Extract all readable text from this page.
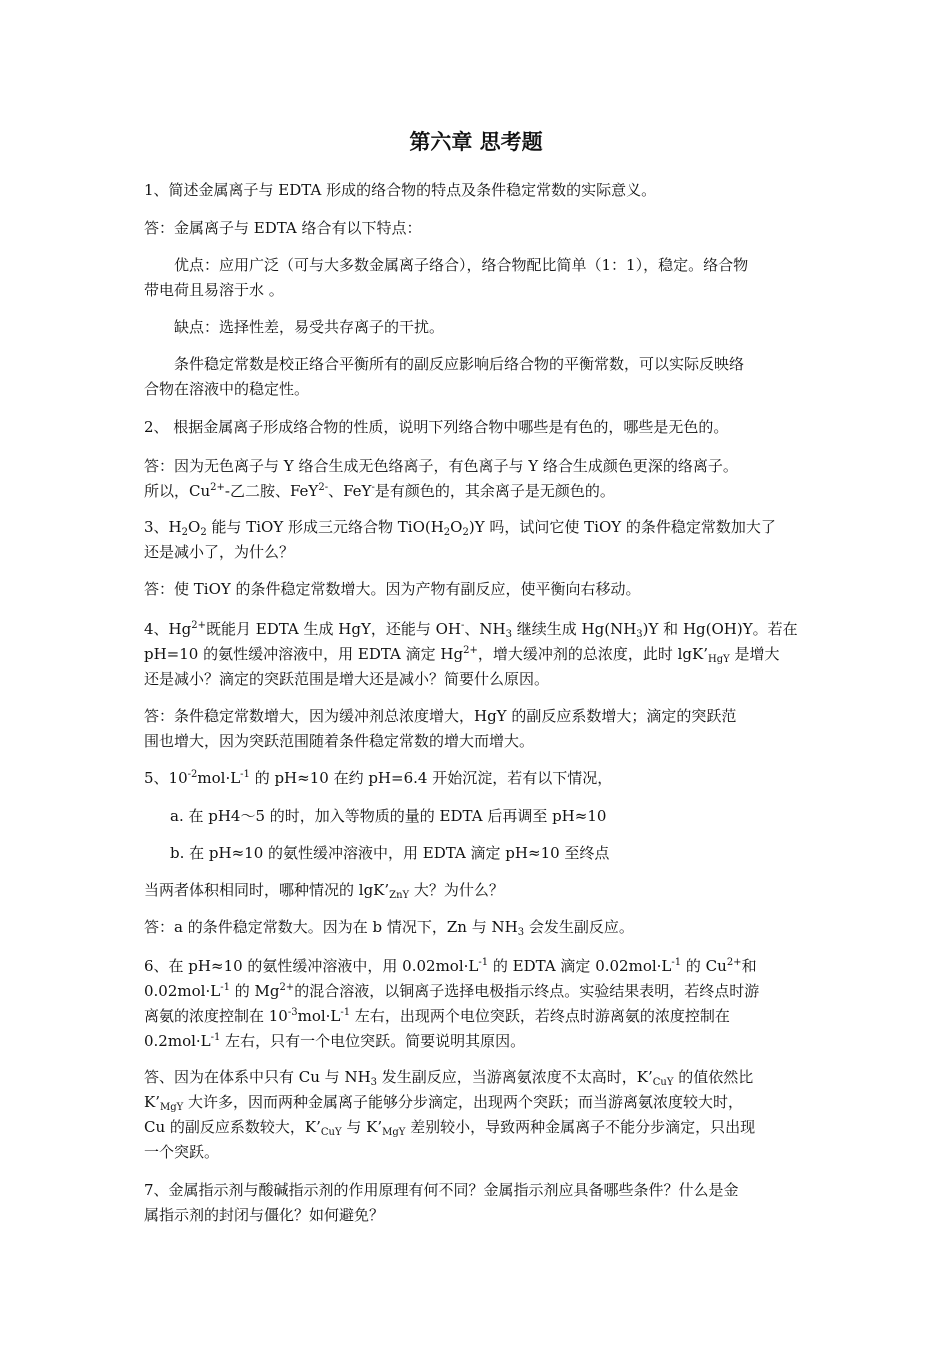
第六章 思考题
1、简述金属离子与 EDTA 形成的络合物的特点及条件稳定常数的实际意义。
答：金属离子与 EDTA 络合有以下特点：
优点：应用广泛（可与大多数金属离子络合），络合物配比简单（1：1），稳定。络合物
带电荷且易溶于水 。
缺点：选择性差，易受共存离子的干扰。
条件稳定常数是校正络合平衡所有的副反应影响后络合物的平衡常数，可以实际反映络
合物在溶液中的稳定性。
2、 根据金属离子形成络合物的性质，说明下列络合物中哪些是有色的，哪些是无色的。
答：因为无色离子与 Y 络合生成无色络离子，有色离子与 Y 络合生成颜色更深的络离子。
所以，$Cu^{2+}-$乙二胺、FeY$^{2-}$、FeY-是有颜色的，其余离子是无颜色的。
3、$H_2O_2$ 能与 TiOY 形成三元络合物 $TiO(H_2O_2)Y$ 吗，试问它使 TiOY 的条件稳定常数加大了
还是减小了，为什么？
答：使 TiOY 的条件稳定常数增大。因为产物有副反应，使平衡向右移动。
4、$Hg^{2+}$既能月 EDTA 生成 HgY，还能与 OH-、$NH_3$ 继续生成 $Hg(NH_3)Y$ 和 Hg(OH)Y。若在
pH=10 的氨性缓冲溶液中，用 EDTA 滴定 $Hg^{2+}$，增大缓冲剂的总浓度，此时 $\lg K’_{HgY}$ 是增大
还是减小？滴定的突跃范围是增大还是减小？简要什么原因。
答：条件稳定常数增大，因为缓冲剂总浓度增大，HgY 的副反应系数增大；滴定的突跃范
围也增大，因为突跃范围随着条件稳定常数的增大而增大。
5、$10^{-2}mol\cdot L^{-1}$ 的 pH≈10 在约 pH=6.4 开始沉淀，若有以下情况，
a. 在 pH4～5 的时，加入等物质的量的 EDTA 后再调至 pH≈10
b. 在 pH≈10 的氨性缓冲溶液中，用 EDTA 滴定 pH≈10 至终点
当两者体积相同时，哪种情况的 $\lg K’_{ZnY}$ 大？为什么？
答：a 的条件稳定常数大。因为在 b 情况下，Zn 与 $NH_3$ 会发生副反应。
6、在 pH≈10 的氨性缓冲溶液中，用 $0.02mol\cdot L^{-1}$ 的 EDTA 滴定 $0.02mol\cdot L^{-1}$ 的 $Cu^{2+}$和
$0.02mol\cdot L^{-1}$ 的 $Mg^{2+}$的混合溶液，以铜离子选择电极指示终点。实验结果表明，若终点时游
离氨的浓度控制在 $10^{-3}mol\cdot L^{-1}$ 左右，出现两个电位突跃，若终点时游离氨的浓度控制在
$0.2mol\cdot L^{-1}$ 左右，只有一个电位突跃。简要说明其原因。
答、因为在体系中只有 Cu 与 $NH_3$ 发生副反应，当游离氨浓度不太高时，$K’_{CuY}$ 的值依然比
$K’_{MgY}$ 大许多，因而两种金属离子能够分步滴定，出现两个突跃；而当游离氨浓度较大时，
Cu 的副反应系数较大，$K’_{CuY}$ 与 $K’_{MgY}$ 差别较小，导致两种金属离子不能分步滴定，只出现
一个突跃。
7、金属指示剂与酸碱指示剂的作用原理有何不同？金属指示剂应具备哪些条件？什么是金
属指示剂的封闭与僵化？如何避免？
